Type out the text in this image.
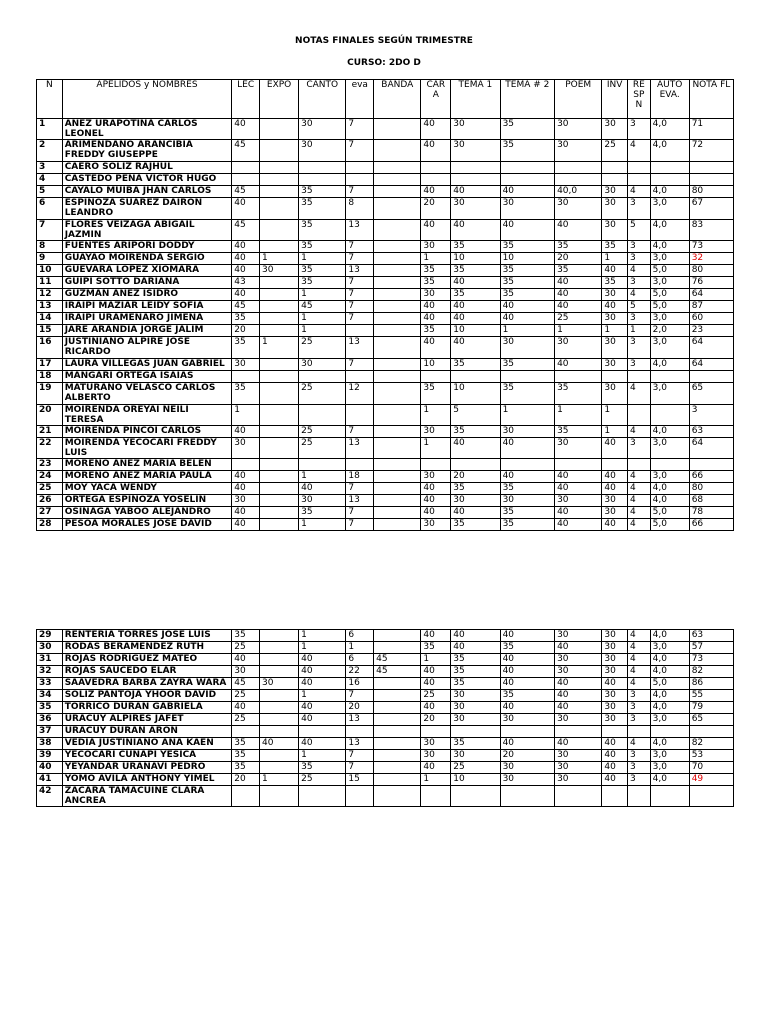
NOTAS FINALES SEGÚN TRIMESTRE
CURSO: 2DO D
N	APELIDOS y NOMBRES	LEC	EXPO	CANTO	eva	BANDA	CAR A	TEMA 1	TEMA # 2	POEM	INV	RE SP N	AUTO EVA.	NOTA FL
1	AÑEZ URAPOTINA CARLOS LEONEL	40		30	7		40	30	35	30	30	3	4,0	71
2	ARIMENDANO ARANCIBIA FREDDY GIUSEPPE	45		30	7		40	30	35	30	25	4	4,0	72
3	CAERO SOLIZ RAJHUL													
4	CASTEDO PEÑA VICTOR HUGO													
5	CAYALO MUIBA JHAN CARLOS	45		35	7		40	40	40	40,0	30	4	4,0	80
6	ESPINOZA SUAREZ DAIRON LEANDRO	40		35	8		20	30	30	30	30	3	3,0	67
7	FLORES VEIZAGA ABIGAIL JAZMIN	45		35	13		40	40	40	40	30	5	4,0	83
8	FUENTES ARIPORI DODDY	40		35	7		30	35	35	35	35	3	4,0	73
9	GUAYAO MOIRENDA SERGIO	40	1	1	7		1	10	10	20	1	3	3,0	32
10	GUEVARA LOPEZ XIOMARA	40	30	35	13		35	35	35	35	40	4	5,0	80
11	GUIPI SOTTO DARIANA	43		35	7		35	40	35	40	35	3	3,0	76
12	GUZMAN AÑEZ ISIDRO	40		1	7		30	35	35	40	30	4	5,0	64
13	IRAIPI MAZIAR LEIDY SOFIA	45		45	7		40	40	40	40	40	5	5,0	87
14	IRAIPI URAMENARO JIMENA	35		1	7		40	40	40	25	30	3	3,0	60
15	JARE ARANDIA JORGE JALIM	20		1			35	10	1	1	1	1	2,0	23
16	JUSTINIANO ALPIRE JOSE RICARDO	35	1	25	13		40	40	30	30	30	3	3,0	64
17	LAURA VILLEGAS JUAN GABRIEL	30		30	7		10	35	35	40	30	3	4,0	64
18	MANGARI ORTEGA ISAIAS													
19	MATURANO VELASCO CARLOS ALBERTO	35		25	12		35	10	35	35	30	4	3,0	65
20	MOIRENDA OREYAI NEILI TERESA	1					1	5	1	1	1			3
21	MOIRENDA PINCOI CARLOS	40		25	7		30	35	30	35	1	4	4,0	63
22	MOIRENDA YECOCARI FREDDY LUIS	30		25	13		1	40	40	30	40	3	3,0	64
23	MORENO AÑEZ MARIA BELEN													
24	MORENO AÑEZ MARIA PAULA	40		1	18		30	20	40	40	40	4	3,0	66
25	MOY YACA WENDY	40		40	7		40	35	35	40	40	4	4,0	80
26	ORTEGA ESPINOZA YOSELIN	30		30	13		40	30	30	30	30	4	4,0	68
27	OSINAGA YABOO ALEJANDRO	40		35	7		40	40	35	40	30	4	5,0	78
28	PESOA MORALES JOSE DAVID	40		1	7		30	35	35	40	40	4	5,0	66
29	RENTERIA TORRES JOSE LUIS	35		1	6		40	40	40	30	30	4	4,0	63
30	RODAS BERAMENDEZ RUTH	25		1	1		35	40	35	40	30	4	3,0	57
31	ROJAS RODRIGUEZ MATEO	40		40	6	45	1	35	40	30	30	4	4,0	73
32	ROJAS SAUCEDO ELAR	30		40	22	45	40	35	40	30	30	4	4,0	82
33	SAAVEDRA BARBA ZAYRA WARA	45	30	40	16		40	35	40	40	40	4	5,0	86
34	SOLIZ PANTOJA YHOOR DAVID	25		1	7		25	30	35	40	30	3	4,0	55
35	TORRICO DURAN GABRIELA	40		40	20		40	30	40	40	30	3	4,0	79
36	URACUY ALPIRES JAFET	25		40	13		20	30	30	30	30	3	3,0	65
37	URACUY DURAN ARON													
38	VEDIA JUSTINIANO ANA KAEN	35	40	40	13		30	35	40	40	40	4	4,0	82
39	YECOCARI CUÑAPI YESICA	35		1	7		30	30	20	30	40	3	3,0	53
40	YEYANDAR URAÑAVI PEDRO	35		35	7		40	25	30	30	40	3	3,0	70
41	YOMO AVILA ANTHONY YIMEL	20	1	25	15		1	10	30	30	40	3	4,0	49
42	ZACARA TAMACUINE CLARA ANCREA													
